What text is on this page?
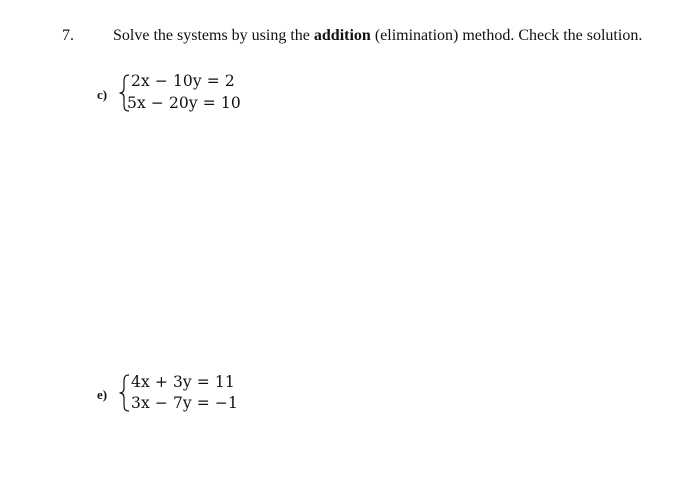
7. Solve the systems by using the addition (elimination) method. Check the solution.
c)
2x − 10y = 2
5x − 20y = 10
e)
4x + 3y = 11
3x − 7y = −1
